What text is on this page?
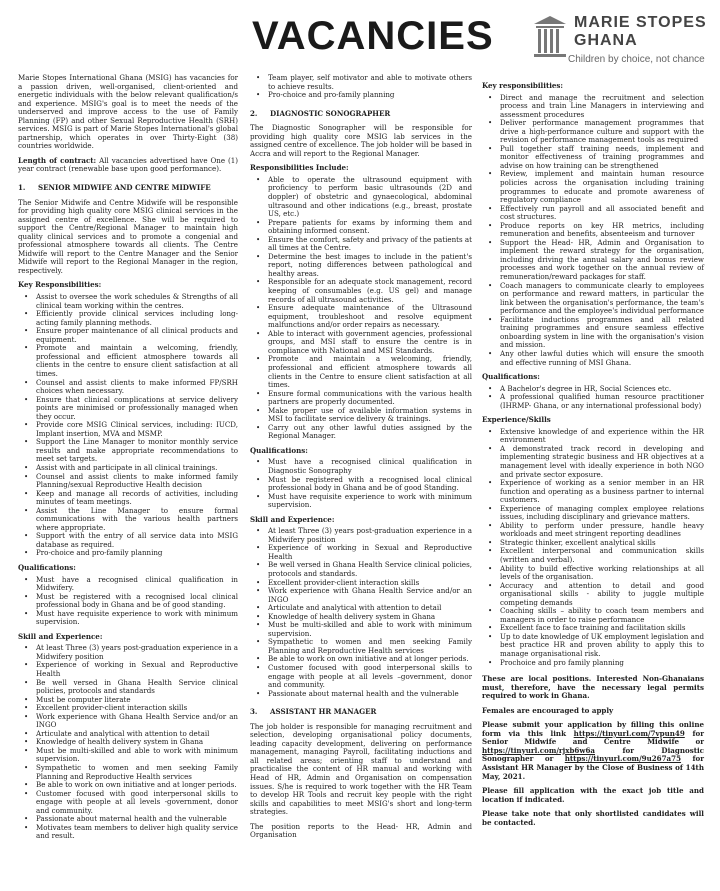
VACANCIES	MARIE STOPES
GHANA
Children by choice, not chance

Marie Stopes International Ghana (MSIG) has vacancies for a passion driven, well-organised, client-oriented and energetic individuals with the below relevant qualification/s and experience. MSIG's goal is to meet the needs of the underserved and improve access to the use of Family Planning (FP) and other Sexual Reproductive Health (SRH) services. MSIG is part of Marie Stopes International's global partnership, which operates in over Thirty-Eight (38) countries worldwide.

Length of contract: All vacancies advertised have One (1) year contract (renewable base upon good performance).

1. SENIOR MIDWIFE AND CENTRE MIDWIFE

The Senior Midwife and Centre Midwife will be responsible for providing high quality core MSIG clinical services in the assigned centre of excellence. She will be required to support the Centre/Regional Manager to maintain high quality clinical services and to promote a congenial and professional atmosphere towards all clients. The Centre Midwife will report to the Centre Manager and the Senior Midwife will report to the Regional Manager in the region, respectively.

Key Responsibilities:
• Assist to oversee the work schedules & Strengths of all clinical team working within the centres.
• Efficiently provide clinical services including long-acting family planning methods.
• Ensure proper maintenance of all clinical products and equipment.
• Promote and maintain a welcoming, friendly, professional and efficient atmosphere towards all clients in the centre to ensure client satisfaction at all times.
• Counsel and assist clients to make informed FP/SRH choices when necessary.
• Ensure that clinical complications at service delivery points are minimised or professionally managed when they occur.
• Provide core MSIG Clinical services, including: IUCD, Implant insertion, MVA and MSMP.
• Support the Line Manager to monitor monthly service results and make appropriate recommendations to meet set targets.
• Assist with and participate in all clinical trainings.
• Counsel and assist clients to make informed family Planning/sexual Reproductive Health decision
• Keep and manage all records of activities, including minutes of team meetings.
• Assist the Line Manager to ensure formal communications with the various health partners where appropriate.
• Support with the entry of all service data into MSIG database as required.
• Pro-choice and pro-family planning
Qualifications:
• Must have a recognised clinical qualification in Midwifery.
• Must be registered with a recognised local clinical professional body in Ghana and be of good standing.
• Must have requisite experience to work with minimum supervision.
Skill and Experience:
• At least Three (3) years post-graduation experience in a Midwifery position
• Experience of working in Sexual and Reproductive Health
• Be well versed in Ghana Health Service clinical policies, protocols and standards
• Must be computer literate
• Excellent provider-client interaction skills
• Work experience with Ghana Health Service and/or an INGO
• Articulate and analytical with attention to detail
• Knowledge of health delivery system in Ghana
• Must be multi-skilled and able to work with minimum supervision.
• Sympathetic to women and men seeking Family Planning and Reproductive Health services
• Be able to work on own initiative and at longer periods.
• Customer focused with good interpersonal skills to engage with people at all levels -government, donor and community.
• Passionate about maternal health and the vulnerable
• Motivates team members to deliver high quality service and result.
• Team player, self motivator and able to motivate others to achieve results.
• Pro-choice and pro-family planning
2. DIAGNOSTIC SONOGRAPHER

The Diagnostic Sonographer will be responsible for providing high quality core MSIG lab services in the assigned centre of excellence. The job holder will be based in Accra and will report to the Regional Manager.

Responsibilities Include:
• Able to operate the ultrasound equipment with proficiency to perform basic ultrasounds (2D and doppler) of obstetric and gynaecological, abdominal ultrasound and other indications (e.g., breast, prostate US, etc.)
• Prepare patients for exams by informing them and obtaining informed consent.
• Ensure the comfort, safety and privacy of the patients at all times at the Centre.
• Determine the best images to include in the patient's report, noting differences between pathological and healthy areas.
• Responsible for an adequate stock management, record keeping of consumables (e.g. US gel) and manage records of all ultrasound activities.
• Ensure adequate maintenance of the Ultrasound equipment, troubleshoot and resolve equipment malfunctions and/or order repairs as necessary.
• Able to interact with government agencies, professional groups, and MSI staff to ensure the centre is in compliance with National and MSI Standards.
• Promote and maintain a welcoming, friendly, professional and efficient atmosphere towards all clients in the Centre to ensure client satisfaction at all times.
• Ensure formal communications with the various health partners are properly documented.
• Make proper use of available information systems in MSI to facilitate service delivery & trainings.
• Carry out any other lawful duties assigned by the Regional Manager.
Qualifications:
• Must have a recognised clinical qualification in Diagnostic Sonography
• Must be registered with a recognised local clinical professional body in Ghana and be of good Standing.
• Must have requisite experience to work with minimum supervision.
Skill and Experience:
• At least Three (3) years post-graduation experience in a Midwifery position
• Experience of working in Sexual and Reproductive Health
• Be well versed in Ghana Health Service clinical policies, protocols and standards.
• Excellent provider-client interaction skills
• Work experience with Ghana Health Service and/or an INGO
• Articulate and analytical with attention to detail
• Knowledge of health delivery system in Ghana
• Must be multi-skilled and able to work with minimum supervision.
• Sympathetic to women and men seeking Family Planning and Reproductive Health services
• Be able to work on own initiative and at longer periods.
• Customer focused with good interpersonal skills to engage with people at all levels –government, donor and community.
• Passionate about maternal health and the vulnerable
3. ASSISTANT HR MANAGER

The job holder is responsible for managing recruitment and selection, developing organisational policy documents, leading capacity development, delivering on performance management, managing Payroll, facilitating inductions and all related areas; orienting staff to understand and practicalise the content of HR manual and working with Head of HR, Admin and Organisation on compensation issues. S/he is required to work together with the HR Team to develop HR Tools and recruit key people with the right skills and capabilities to meet MSIG's short and long-term strategies.

The position reports to the Head- HR, Admin and Organisation

Key responsibilities:
• Direct and manage the recruitment and selection process and train Line Managers in interviewing and assessment procedures
• Deliver performance management programmes that drive a high-performance culture and support with the revision of performance management tools as required
• Pull together staff training needs, implement and monitor effectiveness of training programmes and advise on how training can be strengthened
• Review, implement and maintain human resource policies across the organisation including training programmes to educate and promote awareness of regulatory compliance
• Effectively run payroll and all associated benefit and cost structures.
• Produce reports on key HR metrics, including remuneration and benefits, absenteeism and turnover
• Support the Head- HR, Admin and Organisation to implement the reward strategy for the organisation, including driving the annual salary and bonus review processes and work together on the annual review of remuneration/reward packages for staff.
• Coach managers to communicate clearly to employees on performance and reward matters, in particular the link between the organisation's performance, the team's performance and the employee's individual performance
• Facilitate inductions programmes and all related training programmes and ensure seamless effective onboarding system in line with the organisation's vision and mission.
• Any other lawful duties which will ensure the smooth and effective running of MSI Ghana.
Qualifications:
• A Bachelor's degree in HR, Social Sciences etc.
• A professional qualified human resource practitioner (IHRMP- Ghana, or any international professional body)
Experience/Skills
• Extensive knowledge of and experience within the HR environment
• A demonstrated track record in developing and implementing strategic business and HR objectives at a management level with ideally experience in both NGO and private sector exposure.
• Experience of working as a senior member in an HR function and operating as a business partner to internal customers.
• Experience of managing complex employee relations issues, including disciplinary and grievance matters.
• Ability to perform under pressure, handle heavy workloads and meet stringent reporting deadlines
• Strategic thinker, excellent analytical skills
• Excellent interpersonal and communication skills (written and verbal).
• Ability to build effective working relationships at all levels of the organisation.
• Accuracy and attention to detail and good organisational skills - ability to juggle multiple competing demands
• Coaching skills – ability to coach team members and managers in order to raise performance
• Excellent face to face training and facilitation skills
• Up to date knowledge of UK employment legislation and best practice HR and proven ability to apply this to manage organisational risk.
• Prochoice and pro family planning

These are local positions. Interested Non-Ghanaians must, therefore, have the necessary legal permits required to work in Ghana.

Females are encouraged to apply

Please submit your application by filling this online form via this link https://tinyurl.com/7vpun49 for Senior Midwife and Centre Midwife or https://tinyurl.com/rjxb6w6a for Diagnostic Sonographer or https://tinyurl.com/9u267a75 for Assistant HR Manager by the Close of Business of 14th May, 2021.

Please fill application with the exact job title and location if indicated.

Please take note that only shortlisted candidates will be contacted.
